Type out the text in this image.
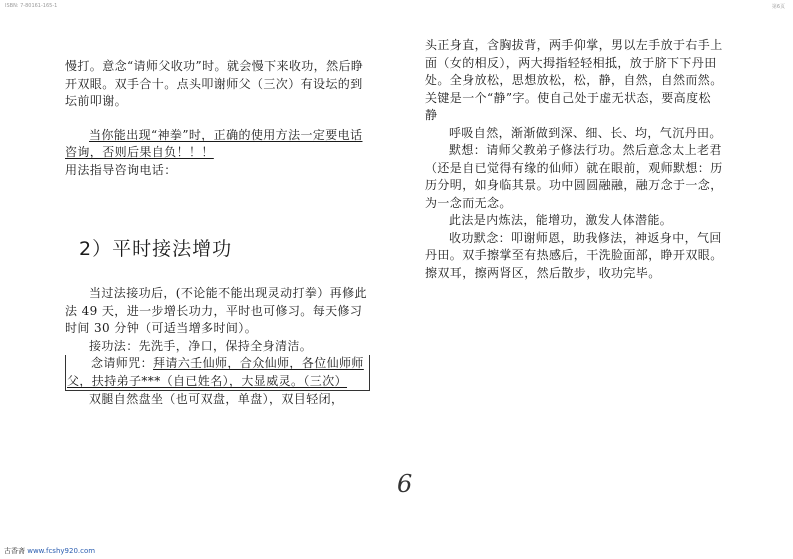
ISBN: 7-80161-165-1	第6页

慢打。意念“请师父收功”时。就会慢下来收功，然后睁开双眼。双手合十。点头叩谢师父（三次）有设坛的到坛前叩谢。

当你能出现“神拳”时，正确的使用方法一定要电话咨询，否则后果自负！！！

用法指导咨询电话：

2）平时接法增功

当过法接功后，(不论能不能出现灵动打拳）再修此法 49 天，进一步增长功力，平时也可修习。每天修习时间 30 分钟（可适当增多时间）。

接功法：先洗手，净口，保持全身清洁。

念请师咒：拜请六壬仙师，合众仙师，各位仙师师父，扶持弟子***（自已姓名），大显威灵。（三次）

双腿自然盘坐（也可双盘，单盘），双目轻闭，

头正身直，含胸拔背，两手仰掌，男以左手放于右手上面（女的相反），两大拇指轻轻相抵，放于脐下下丹田处。全身放松，思想放松，松，静，自然，自然而然。关键是一个“静”字。使自己处于虚无状态，要高度松静

呼吸自然，渐渐做到深、细、长、均，气沉丹田。

默想：请师父教弟子修法行功。然后意念太上老君（还是自已觉得有缘的仙师）就在眼前，观师默想：历历分明，如身临其景。功中圆圆融融，融万念于一念，为一念而无念。

此法是内炼法，能增功，激发人体潜能。

收功默念：叩谢师恩，助我修法，神返身中，气回丹田。双手擦掌至有热感后，干洗脸面部，睁开双眼。擦双耳，擦两肾区，然后散步，收功完毕。

6
古香斋 www.fcshy920.com
